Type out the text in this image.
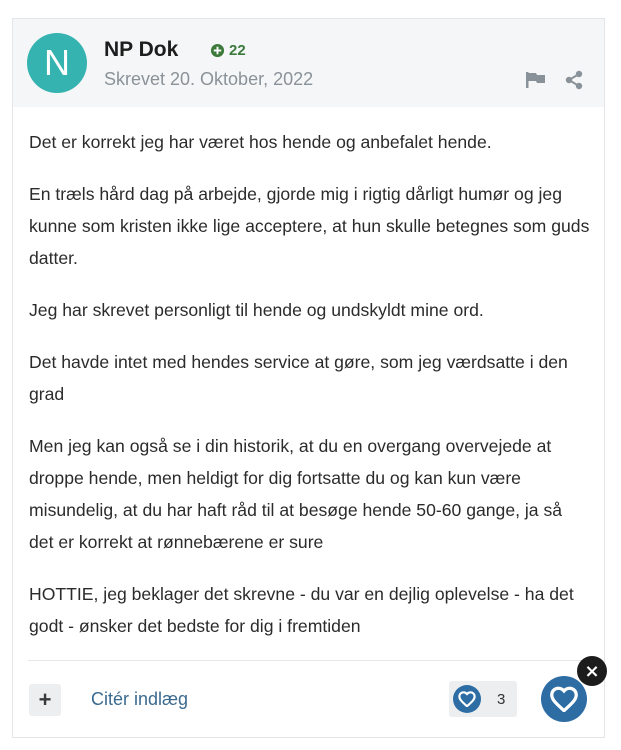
N NP Dok	22
Skrevet 20. Oktober, 2022

Det er korrekt jeg har været hos hende og anbefalet hende.

En træls hård dag på arbejde, gjorde mig i rigtig dårligt humør og jeg kunne som kristen ikke lige acceptere, at hun skulle betegnes som guds datter.

Jeg har skrevet personligt til hende og undskyldt mine ord.

Det havde intet med hendes service at gøre, som jeg værdsatte i den grad

Men jeg kan også se i din historik, at du en overgang overvejede at droppe hende, men heldigt for dig fortsatte du og kan kun være misundelig, at du har haft råd til at besøge hende 50-60 gange, ja så det er korrekt at rønnebærene er sure

HOTTIE, jeg beklager det skrevne - du var en dejlig oplevelse - ha det godt - ønsker det bedste for dig i fremtiden

+ Citér indlæg	3
×
